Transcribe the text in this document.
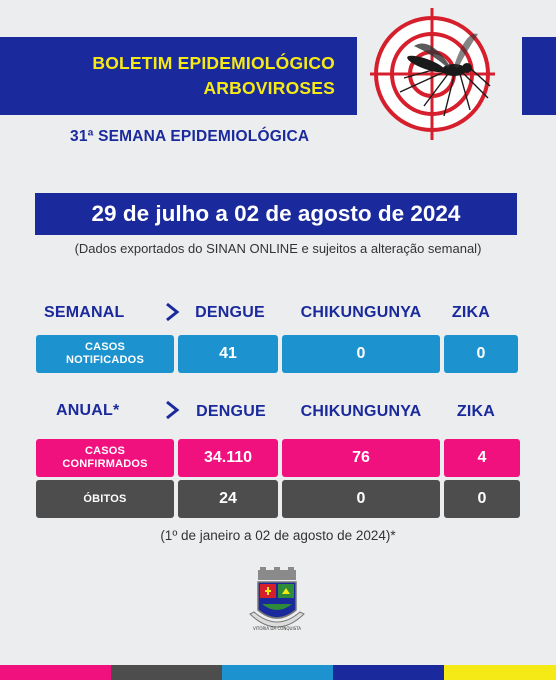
BOLETIM EPIDEMIOLÓGICO
ARBOVIROSES
31ª SEMANA EPIDEMIOLÓGICA
29 de julho a 02 de agosto de 2024
(Dados exportados do SINAN ONLINE e sujeitos a alteração semanal)
SEMANAL	DENGUE	CHIKUNGUNYA	ZIKA
CASOS
NOTIFICADOS	41	0	0
ANUAL*	DENGUE	CHIKUNGUNYA	ZIKA
CASOS
CONFIRMADOS	34.110	76	4
ÓBITOS	24	0	0
(1º de janeiro a 02 de agosto de 2024)*
VITÓRIA DA CONQUISTA
